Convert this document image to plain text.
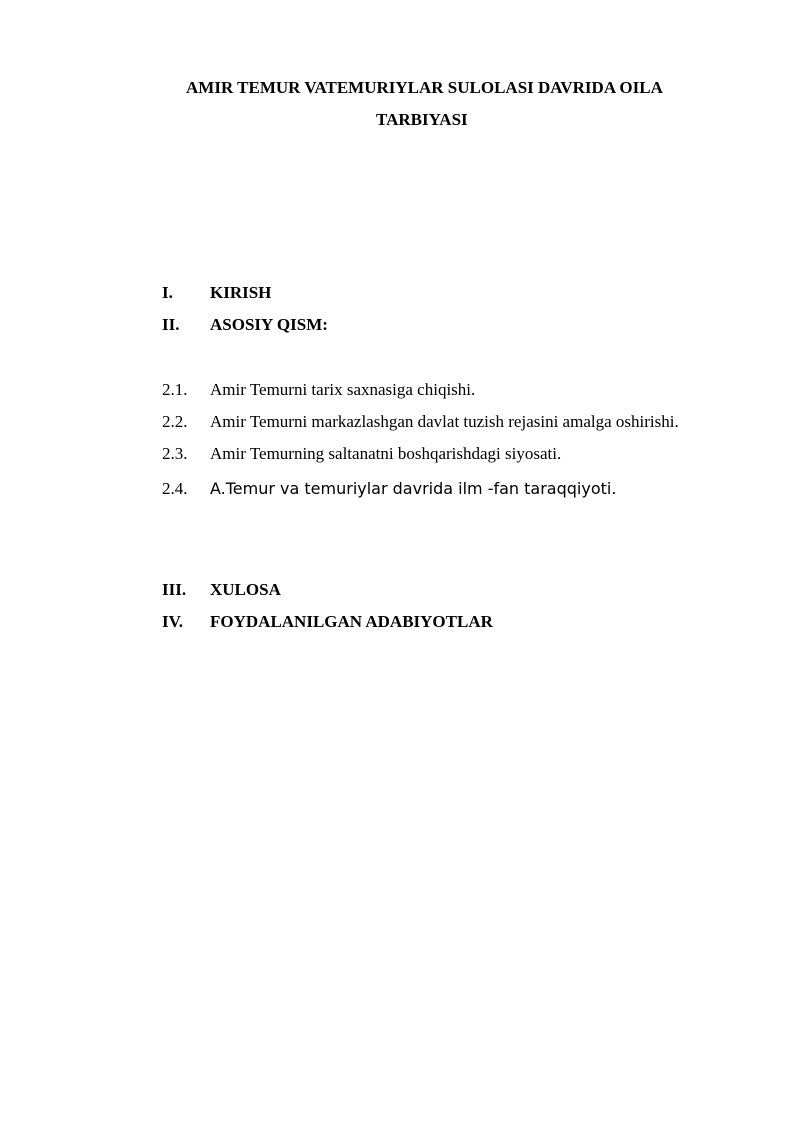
AMIR TEMUR VATEMURIYLAR SULOLASI DAVRIDA OILA
TARBIYASI
I. KIRISH
II. ASOSIY QISM:
2.1. Amir Temurni tarix saxnasiga chiqishi.
2.2. Amir Temurni markazlashgan davlat tuzish rejasini amalga oshirishi.
2.3. Amir Temurning saltanatni boshqarishdagi siyosati.
2.4. A.Temur va temuriylar davrida ilm -fan taraqqiyoti.
III. XULOSA
IV. FOYDALANILGAN ADABIYOTLAR
